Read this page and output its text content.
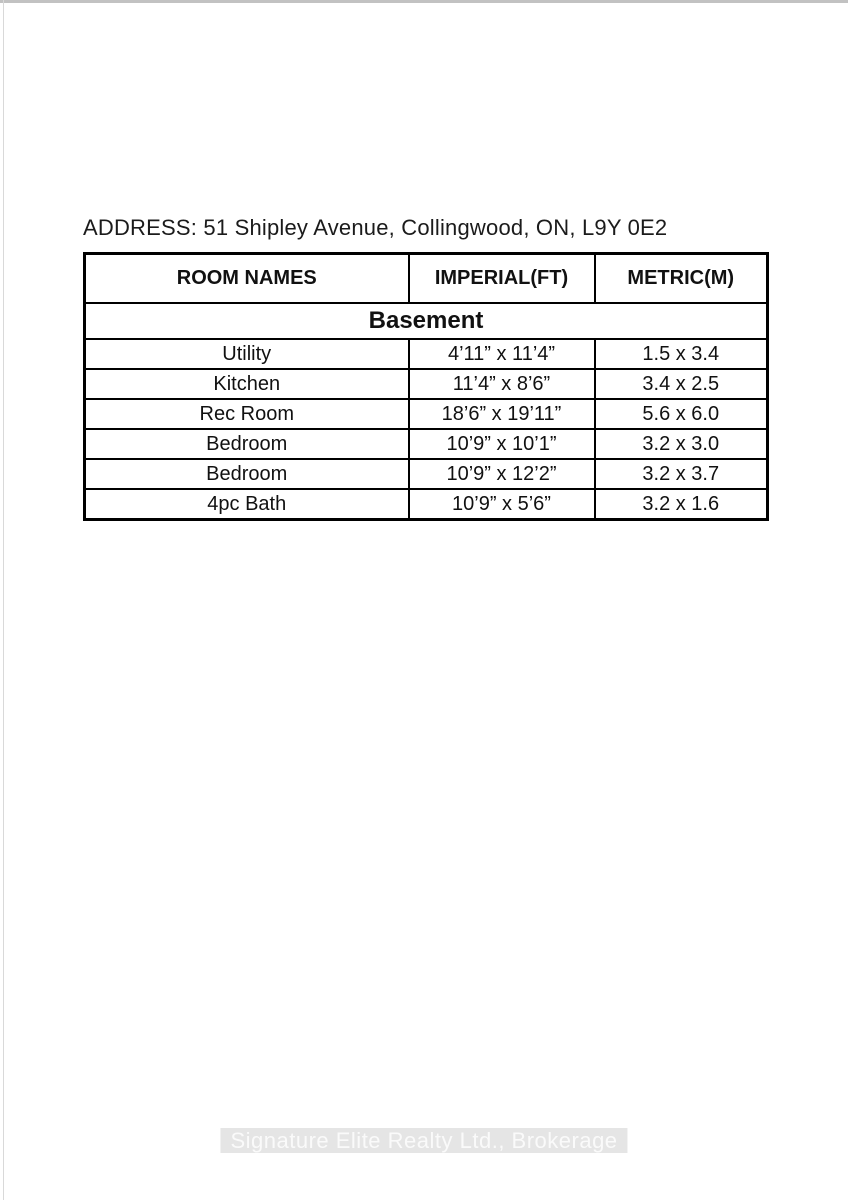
ADDRESS: 51 Shipley Avenue, Collingwood, ON, L9Y 0E2
ROOM NAMES	IMPERIAL(FT)	METRIC(M)
Basement		
Utility	4’11” x 11’4”	1.5 x 3.4
Kitchen	11’4” x 8’6”	3.4 x 2.5
Rec Room	18’6” x 19’11”	5.6 x 6.0
Bedroom	10’9” x 10’1”	3.2 x 3.0
Bedroom	10’9” x 12’2”	3.2 x 3.7
4pc Bath	10’9” x 5’6”	3.2 x 1.6
Signature Elite Realty Ltd., Brokerage
